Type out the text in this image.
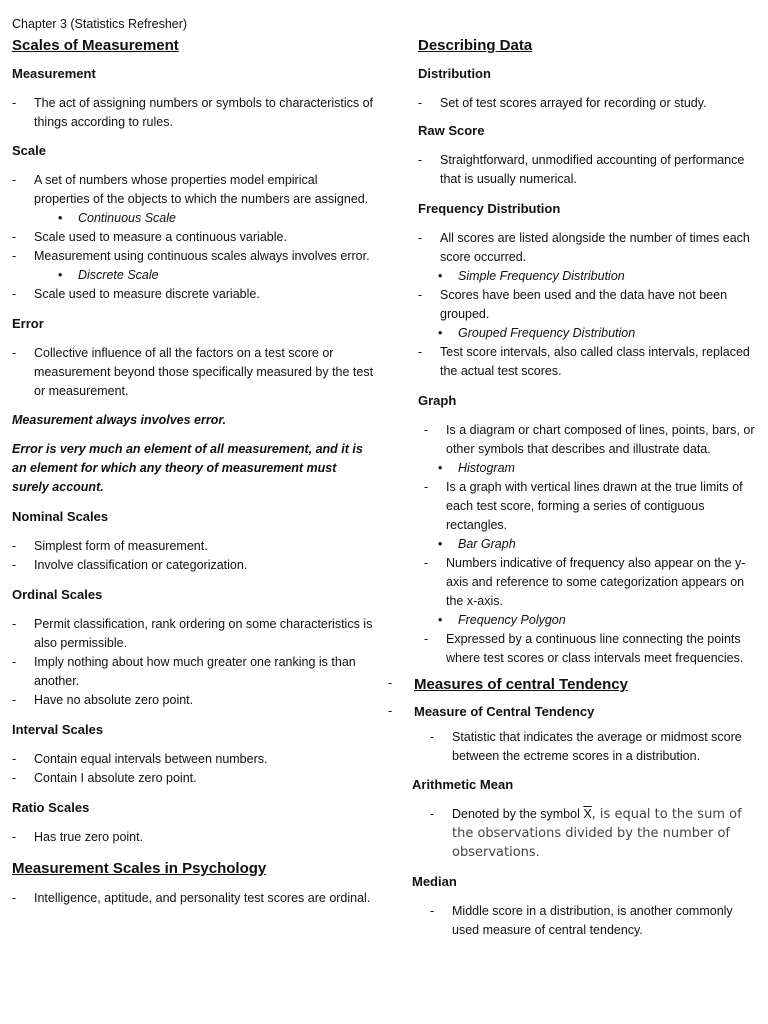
Chapter 3 (Statistics Refresher)

Scales of Measurement

Measurement

-	The act of assigning numbers or symbols to characteristics of things according to rules.

Scale

-	A set of numbers whose properties model empirical properties of the objects to which the numbers are assigned.
•	Continuous Scale
-	Scale used to measure a continuous variable.
-	Measurement using continuous scales always involves error.
•	Discrete Scale
-	Scale used to measure discrete variable.

Error

-	Collective influence of all the factors on a test score or measurement beyond those specifically measured by the test or measurement.

Measurement always involves error.

Error is very much an element of all measurement, and it is an element for which any theory of measurement must surely account.

Nominal Scales

-	Simplest form of measurement.
-	Involve classification or categorization.

Ordinal Scales

-	Permit classification, rank ordering on some characteristics is also permissible.
-	Imply nothing about how much greater one ranking is than another.
-	Have no absolute zero point.

Interval Scales

-	Contain equal intervals between numbers.
-	Contain I absolute zero point.

Ratio Scales

-	Has true zero point.

Measurement Scales in Psychology

-	Intelligence, aptitude, and personality test scores are ordinal.

Describing Data

Distribution

-	Set of test scores arrayed for recording or study.

Raw Score

-	Straightforward, unmodified accounting of performance that is usually numerical.

Frequency Distribution

-	All scores are listed alongside the number of times each score occurred.
•	Simple Frequency Distribution
-	Scores have been used and the data have not been grouped.
•	Grouped Frequency Distribution
-	Test score intervals, also called class intervals, replaced the actual test scores.

Graph

-	Is a diagram or chart composed of lines, points, bars, or other symbols that describes and illustrate data.
•	Histogram
-	Is a graph with vertical lines drawn at the true limits of each test score, forming a series of contiguous rectangles.
•	Bar Graph
-	Numbers indicative of frequency also appear on the y-axis and reference to some categorization appears on the x-axis.
•	Frequency Polygon
-	Expressed by a continuous line connecting the points where test scores or class intervals meet frequencies.
-	Measures of central Tendency
-	Measure of Central Tendency
-	Statistic that indicates the average or midmost score between the ectreme scores in a distribution.

Arithmetic Mean

-	Denoted by the symbol $\overline{X}$, is equal to the sum of the observations divided by the number of observations.

Median

-	Middle score in a distribution, is another commonly used measure of central tendency.
